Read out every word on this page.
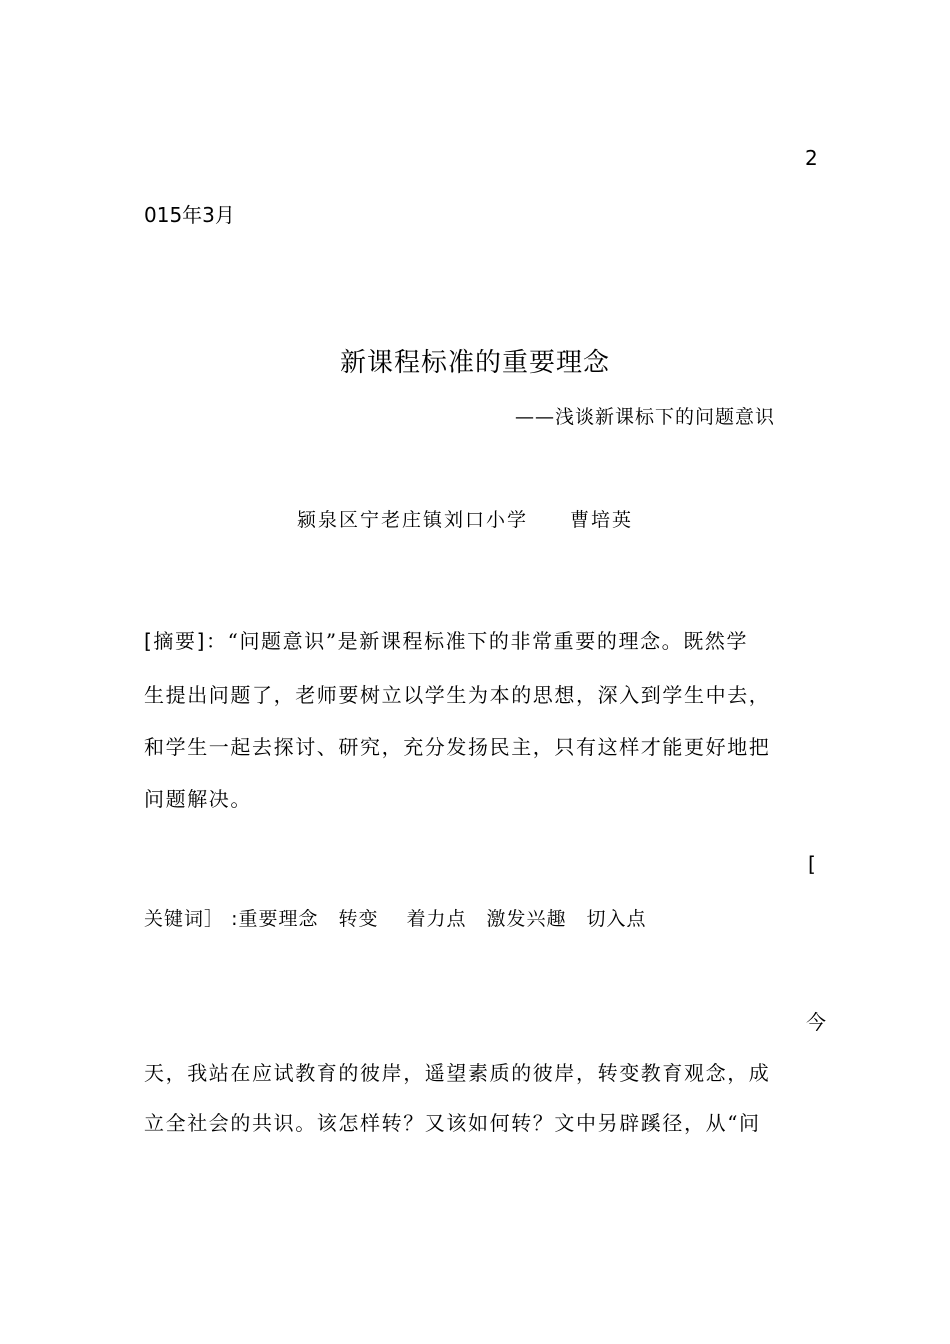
2
015年3月
新课程标准的重要理念
——浅谈新课标下的问题意识
颍泉区宁老庄镇刘口小学 曹培英
[摘要]：“问题意识”是新课程标准下的非常重要的理念。既然学
生提出问题了，老师要树立以学生为本的思想，深入到学生中去，
和学生一起去探讨、研究，充分发扬民主，只有这样才能更好地把
问题解决。
[
关键词］ :重要理念 转变 着力点 激发兴趣 切入点
今
天，我站在应试教育的彼岸，遥望素质的彼岸，转变教育观念，成
立全社会的共识。该怎样转？又该如何转？文中另辟蹊径，从“问
